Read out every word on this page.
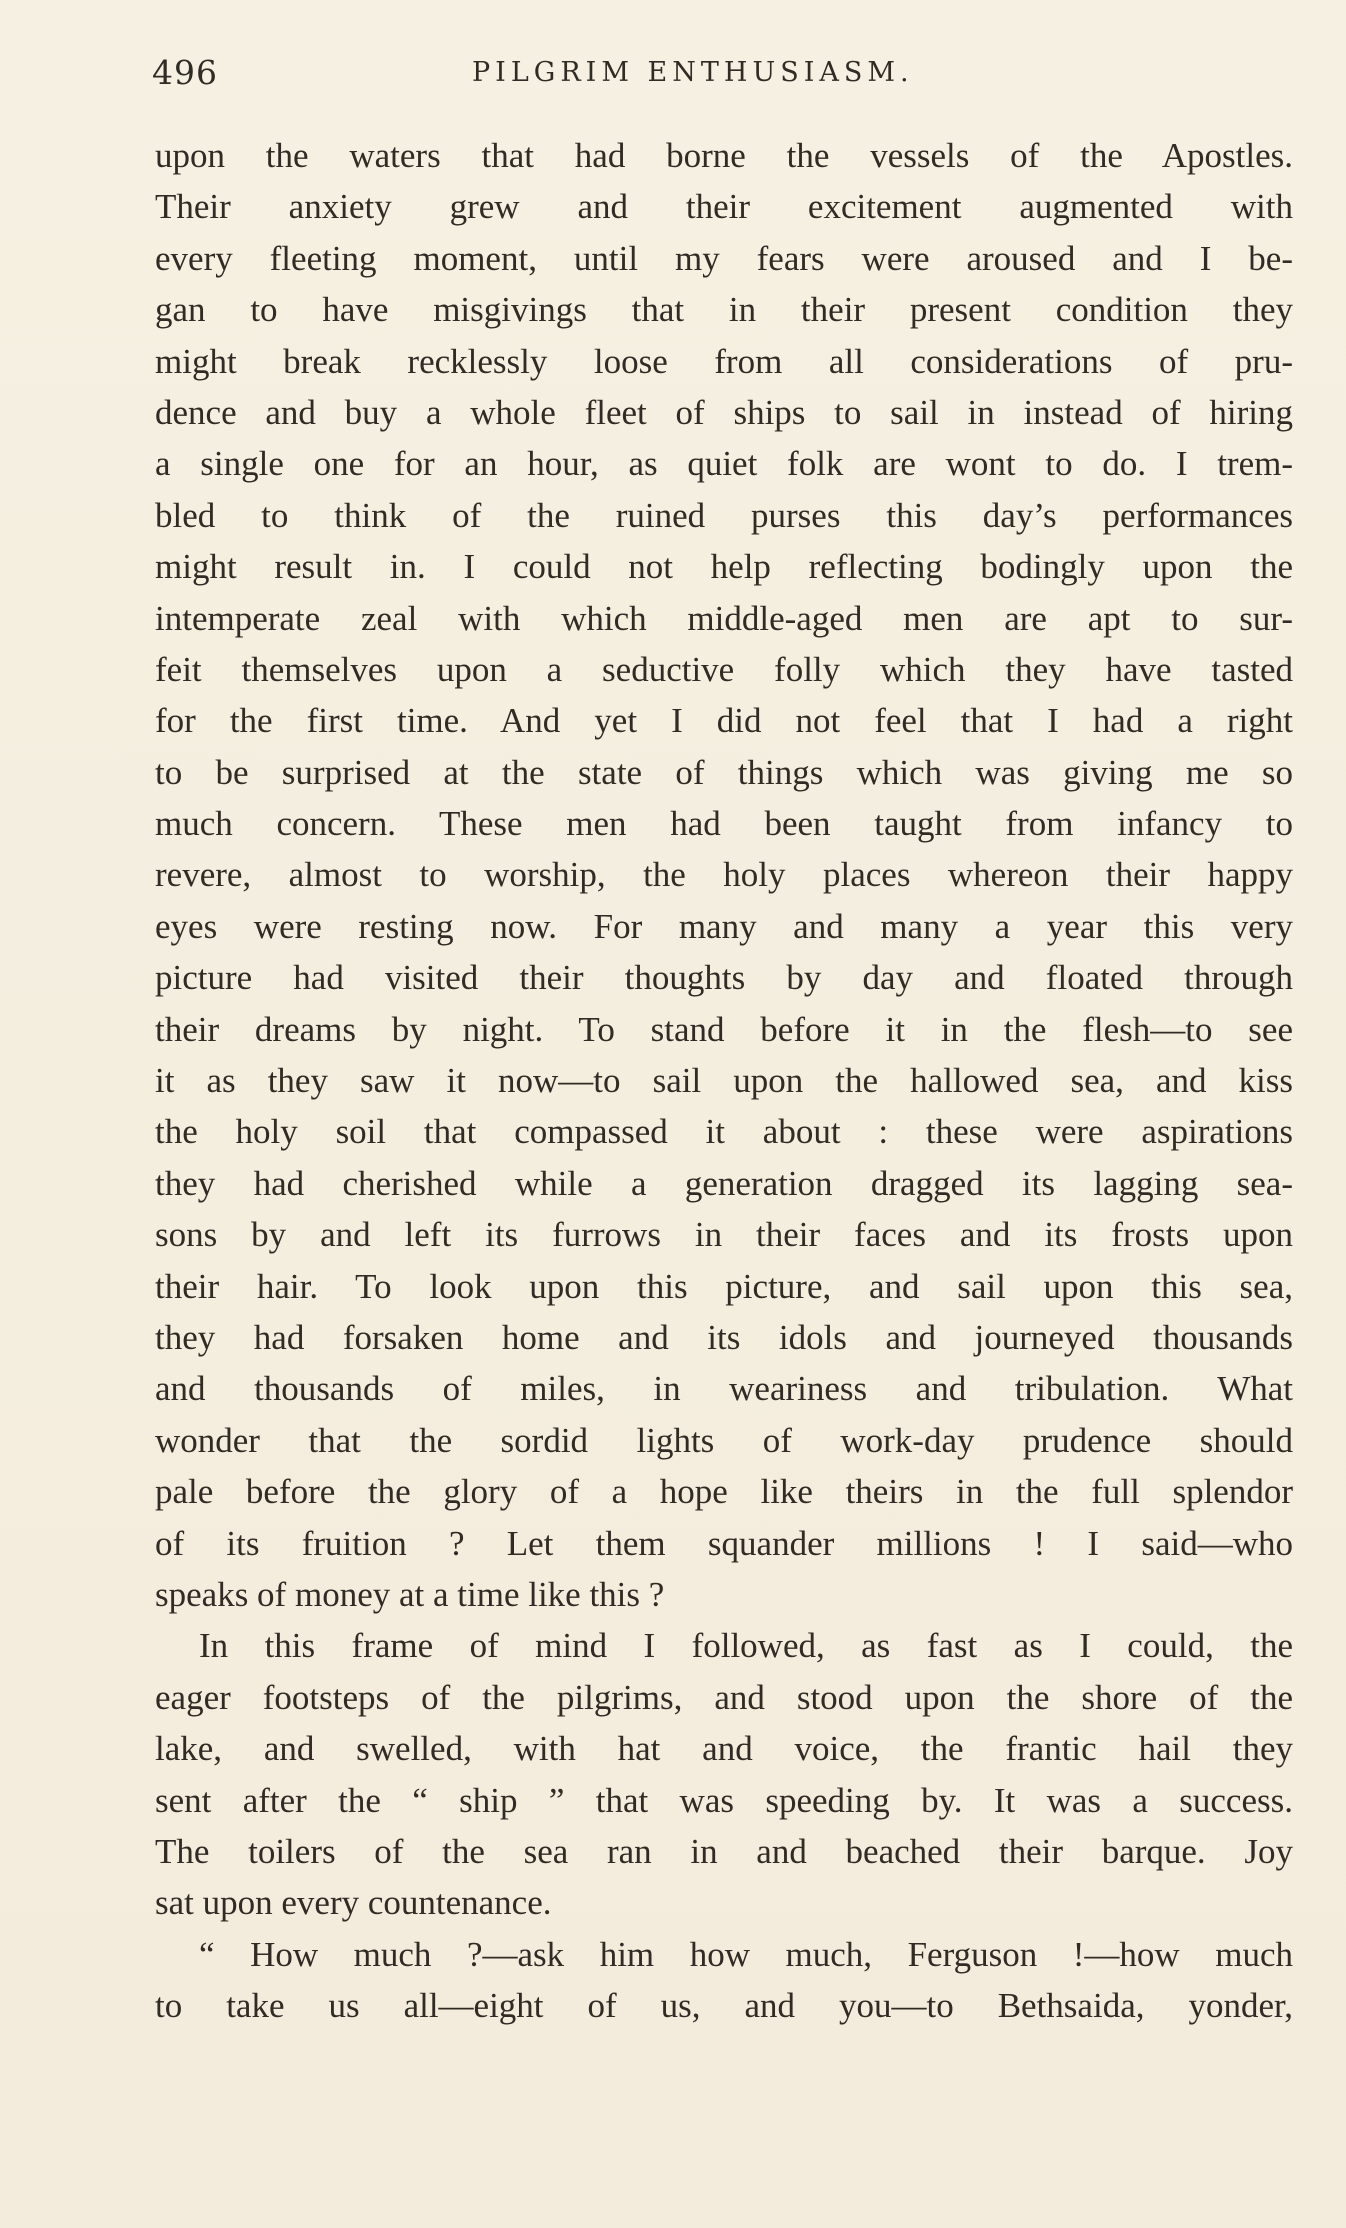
496	PILGRIM ENTHUSIASM.
upon the waters that had borne the vessels of the Apostles.
Their anxiety grew and their excitement augmented with
every fleeting moment, until my fears were aroused and I be-
gan to have misgivings that in their present condition they
might break recklessly loose from all considerations of pru-
dence and buy a whole fleet of ships to sail in instead of hiring
a single one for an hour, as quiet folk are wont to do. I trem-
bled to think of the ruined purses this day’s performances
might result in. I could not help reflecting bodingly upon the
intemperate zeal with which middle-aged men are apt to sur-
feit themselves upon a seductive folly which they have tasted
for the first time. And yet I did not feel that I had a right
to be surprised at the state of things which was giving me so
much concern. These men had been taught from infancy to
revere, almost to worship, the holy places whereon their happy
eyes were resting now. For many and many a year this very
picture had visited their thoughts by day and floated through
their dreams by night. To stand before it in the flesh—to see
it as they saw it now—to sail upon the hallowed sea, and kiss
the holy soil that compassed it about : these were aspirations
they had cherished while a generation dragged its lagging sea-
sons by and left its furrows in their faces and its frosts upon
their hair. To look upon this picture, and sail upon this sea,
they had forsaken home and its idols and journeyed thousands
and thousands of miles, in weariness and tribulation. What
wonder that the sordid lights of work-day prudence should
pale before the glory of a hope like theirs in the full splendor
of its fruition ? Let them squander millions ! I said—who
speaks of money at a time like this ?
In this frame of mind I followed, as fast as I could, the
eager footsteps of the pilgrims, and stood upon the shore of the
lake, and swelled, with hat and voice, the frantic hail they
sent after the “ ship ” that was speeding by. It was a success.
The toilers of the sea ran in and beached their barque. Joy
sat upon every countenance.
“ How much ?—ask him how much, Ferguson !—how much
to take us all—eight of us, and you—to Bethsaida, yonder,
